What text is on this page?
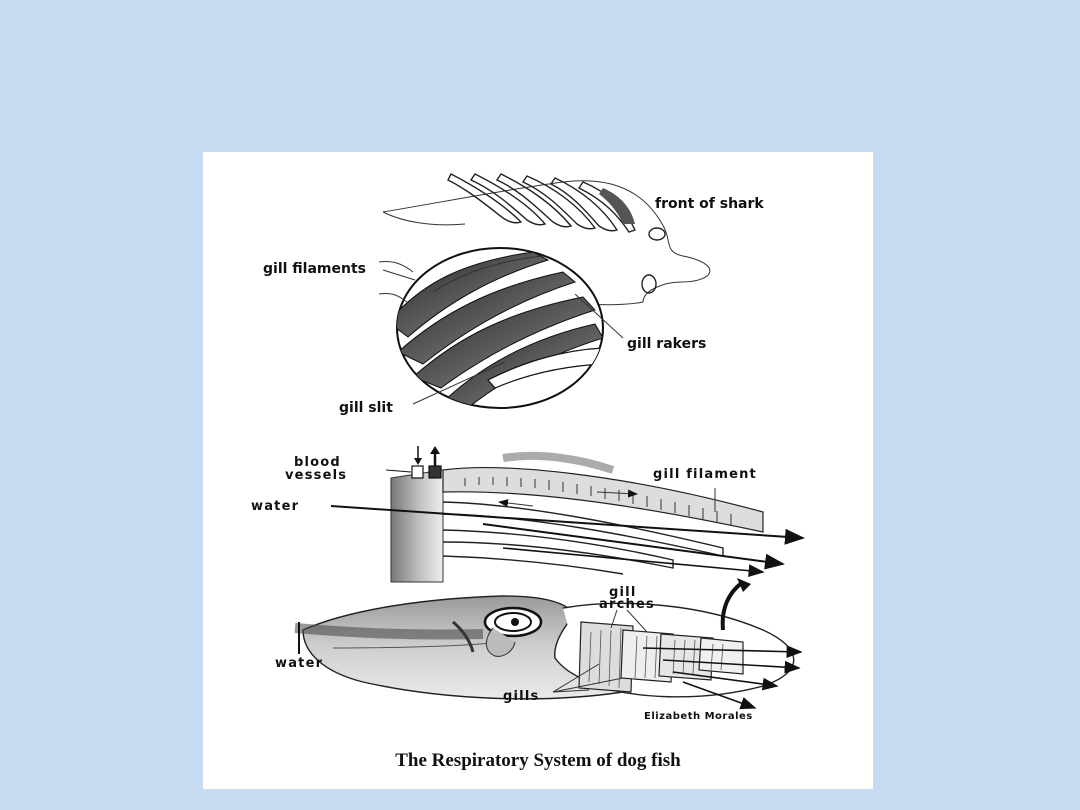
front of shark
gill filaments
gill rakers
gill slit
blood
vessels	gill filament
water
gill
arches
water
gills
Elizabeth Morales
The Respiratory System of dog fish
